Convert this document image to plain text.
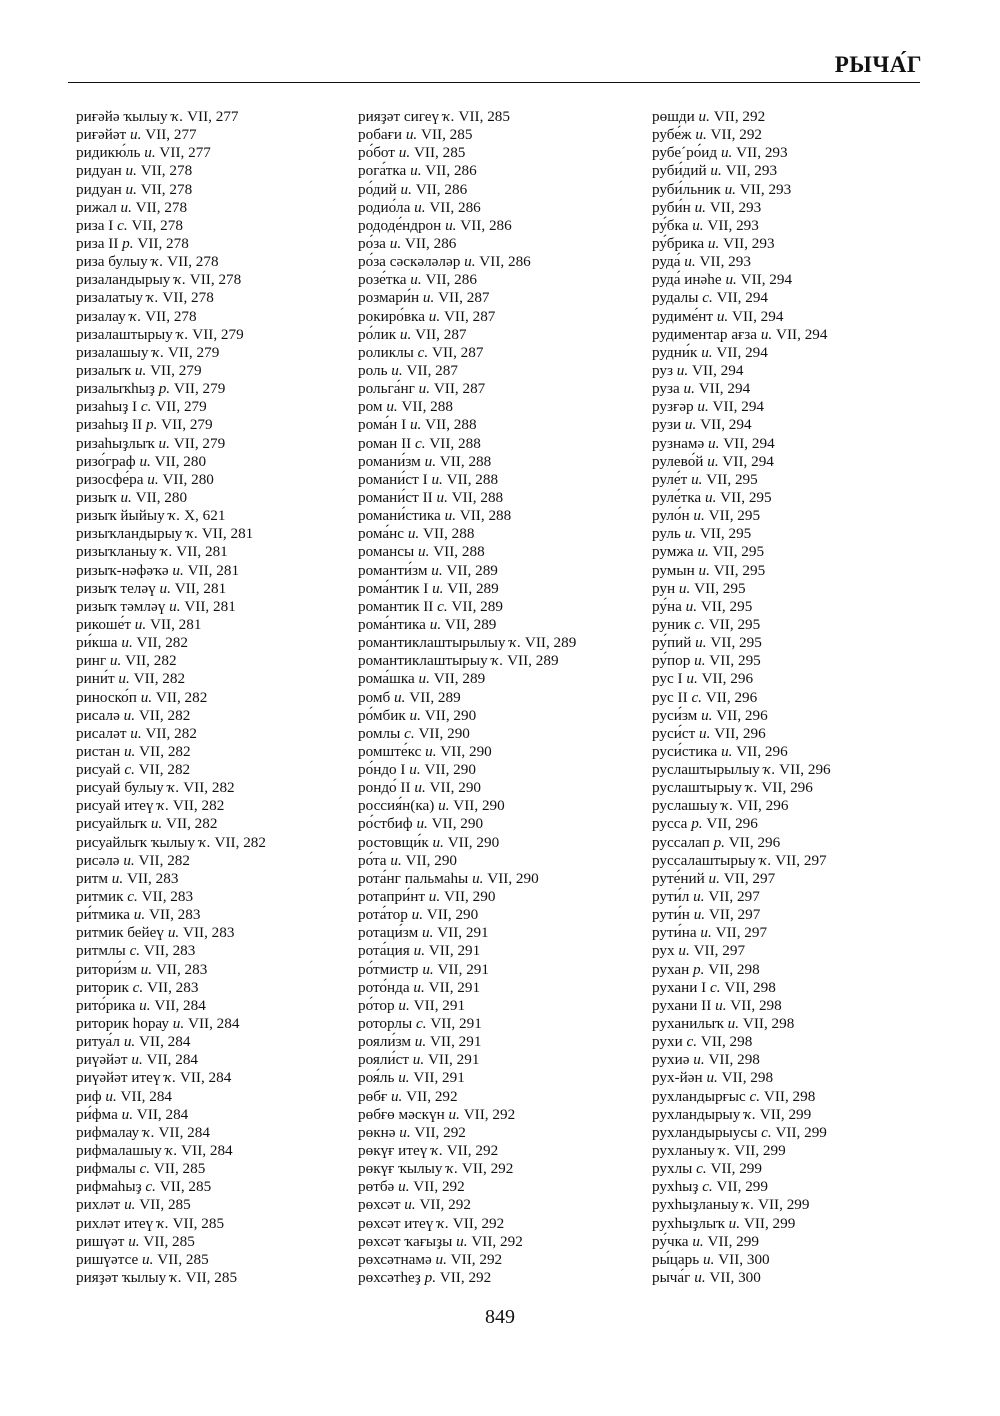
РЫЧА́Г
риғәйә ҡылыу ҡ. VII, 277
риғәйәт и. VII, 277
ридикю́ль и. VII, 277
ридуан и. VII, 278
ридуан и. VII, 278
рижал и. VII, 278
риза I с. VII, 278
риза II р. VII, 278
риза булыу ҡ. VII, 278
ризаландырыу ҡ. VII, 278
ризалатыу ҡ. VII, 278
ризалау ҡ. VII, 278
ризалаштырыу ҡ. VII, 279
ризалашыу ҡ. VII, 279
ризалыҡ и. VII, 279
ризалыҡһыҙ р. VII, 279
ризаһыҙ I с. VII, 279
ризаһыҙ II р. VII, 279
ризаһыҙлыҡ и. VII, 279
ризо́граф и. VII, 280
ризосфе́ра и. VII, 280
ризыҡ и. VII, 280
ризыҡ йыйыу ҡ. X, 621
ризыҡландырыу ҡ. VII, 281
ризыҡланыу ҡ. VII, 281
ризыҡ-нәфәҡә и. VII, 281
ризыҡ теләү и. VII, 281
ризыҡ тәмләү и. VII, 281
рикоше́т и. VII, 281
ри́кша и. VII, 282
ринг и. VII, 282
рини́т и. VII, 282
риноско́п и. VII, 282
рисалә и. VII, 282
рисаләт и. VII, 282
ристан и. VII, 282
рисуай с. VII, 282
рисуай булыу ҡ. VII, 282
рисуай итеү ҡ. VII, 282
рисуайлыҡ и. VII, 282
рисуайлыҡ ҡылыу ҡ. VII, 282
рисәлә и. VII, 282
ритм и. VII, 283
ритмик с. VII, 283
ри́тмика и. VII, 283
ритмик бейеү и. VII, 283
ритмлы с. VII, 283
ритори́зм и. VII, 283
риторик с. VII, 283
рито́рика и. VII, 284
риторик һорау и. VII, 284
ритуа́л и. VII, 284
риүәйәт и. VII, 284
риүәйәт итеү ҡ. VII, 284
риф и. VII, 284
ри́фма и. VII, 284
рифмалау ҡ. VII, 284
рифмалашыу ҡ. VII, 284
рифмалы с. VII, 285
рифмаһыҙ с. VII, 285
рихләт и. VII, 285
рихләт итеү ҡ. VII, 285
ришүәт и. VII, 285
ришүәтсе и. VII, 285
рияҙәт ҡылыу ҡ. VII, 285
рияҙәт сигеү ҡ. VII, 285
робағи и. VII, 285
ро́бот и. VII, 285
рога́тка и. VII, 286
ро́дий и. VII, 286
родио́ла и. VII, 286
рододе́ндрон и. VII, 286
ро́за и. VII, 286
ро́за сәскәләләр и. VII, 286
розе́тка и. VII, 286
розмари́н и. VII, 287
рокиро́вка и. VII, 287
ро́лик и. VII, 287
роликлы с. VII, 287
роль и. VII, 287
рольга́нг и. VII, 287
ром и. VII, 288
рома́н I и. VII, 288
роман II с. VII, 288
романи́зм и. VII, 288
романи́ст I и. VII, 288
романи́ст II и. VII, 288
романи́стика и. VII, 288
рома́нс и. VII, 288
романсы и. VII, 288
романти́зм и. VII, 289
рома́нтик I и. VII, 289
романтик II с. VII, 289
рома́нтика и. VII, 289
романтиклаштырылыу ҡ. VII, 289
романтиклаштырыу ҡ. VII, 289
рома́шка и. VII, 289
ромб и. VII, 289
ро́мбик и. VII, 290
ромлы с. VII, 290
ромште́кс и. VII, 290
ро́ндо I и. VII, 290
рондо́ II и. VII, 290
россия́н(ка) и. VII, 290
ро́стбиф и. VII, 290
ростовщи́к и. VII, 290
ро́та и. VII, 290
рота́нг пальмаһы и. VII, 290
ротапри́нт и. VII, 290
рота́тор и. VII, 290
ротаци́зм и. VII, 291
рота́ция и. VII, 291
ро́тмистр и. VII, 291
рото́нда и. VII, 291
ро́тор и. VII, 291
роторлы с. VII, 291
рояли́зм и. VII, 291
рояли́ст и. VII, 291
роя́ль и. VII, 291
рөбғ и. VII, 292
рөбғө мәскүн и. VII, 292
рөкнә и. VII, 292
рөкүғ итеү ҡ. VII, 292
рөкүғ ҡылыу ҡ. VII, 292
рөтбә и. VII, 292
рөхсәт и. VII, 292
рөхсәт итеү ҡ. VII, 292
рөхсәт ҡағыҙы и. VII, 292
рөхсәтнамә и. VII, 292
рөхсәтһеҙ р. VII, 292
рөшди и. VII, 292
рубе́ж и. VII, 292
рубеˊро́ид и. VII, 293
руби́дий и. VII, 293
руби́льник и. VII, 293
руби́н и. VII, 293
ру́бка и. VII, 293
ру́брика и. VII, 293
руда́ и. VII, 293
руда́ инәһе и. VII, 294
рудалы с. VII, 294
рудиме́нт и. VII, 294
рудиментар ағза и. VII, 294
рудни́к и. VII, 294
руз и. VII, 294
руза и. VII, 294
рузғәр и. VII, 294
рузи и. VII, 294
рузнамә и. VII, 294
рулево́й и. VII, 294
руле́т и. VII, 295
руле́тка и. VII, 295
руло́н и. VII, 295
руль и. VII, 295
румжа и. VII, 295
румын и. VII, 295
рун и. VII, 295
ру́на и. VII, 295
руник с. VII, 295
ру́пий и. VII, 295
ру́пор и. VII, 295
рус I и. VII, 296
рус II с. VII, 296
руси́зм и. VII, 296
руси́ст и. VII, 296
руси́стика и. VII, 296
руслаштырылыу ҡ. VII, 296
руслаштырыу ҡ. VII, 296
руслашыу ҡ. VII, 296
русса р. VII, 296
руссалап р. VII, 296
руссалаштырыу ҡ. VII, 297
руте́ний и. VII, 297
рути́л и. VII, 297
рути́н и. VII, 297
рути́на и. VII, 297
рух и. VII, 297
рухан р. VII, 298
рухани I с. VII, 298
рухани II и. VII, 298
руханилыҡ и. VII, 298
рухи с. VII, 298
рухиә и. VII, 298
рух-йән и. VII, 298
рухландырғыс с. VII, 298
рухландырыу ҡ. VII, 299
рухландырыусы с. VII, 299
рухланыу ҡ. VII, 299
рухлы с. VII, 299
рухһыҙ с. VII, 299
рухһыҙланыу ҡ. VII, 299
рухһыҙлыҡ и. VII, 299
ру́чка и. VII, 299
ры́царь и. VII, 300
рыча́г и. VII, 300
849
